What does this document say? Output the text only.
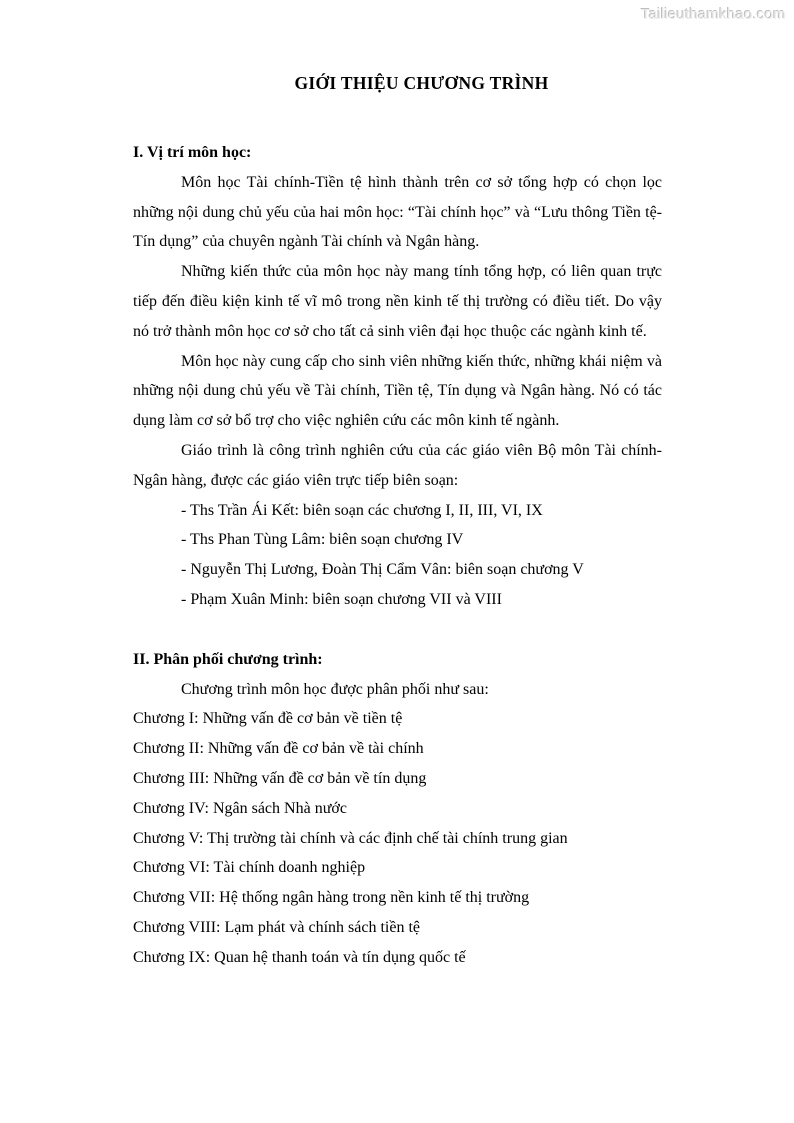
Tailieuthamkhao.com
GIỚI THIỆU CHƯƠNG TRÌNH
I. Vị trí môn học:
Môn học Tài chính-Tiền tệ hình thành trên cơ sở tổng hợp có chọn lọc những nội dung chủ yếu của hai môn học: “Tài chính học” và “Lưu thông Tiền tệ-Tín dụng” của chuyên ngành Tài chính và Ngân hàng.
Những kiến thức của môn học này mang tính tổng hợp, có liên quan trực tiếp đến điều kiện kinh tế vĩ mô trong nền kinh tế thị trường có điều tiết. Do vậy nó trở thành môn học cơ sở cho tất cả sinh viên đại học thuộc các ngành kinh tế.
Môn học này cung cấp cho sinh viên những kiến thức, những khái niệm và những nội dung chủ yếu về Tài chính, Tiền tệ, Tín dụng và Ngân hàng. Nó có tác dụng làm cơ sở bổ trợ cho việc nghiên cứu các môn kinh tế ngành.
Giáo trình là công trình nghiên cứu của các giáo viên Bộ môn Tài chính-Ngân hàng, được các giáo viên trực tiếp biên soạn:
- Ths Trần Ái Kết: biên soạn các chương I, II, III, VI, IX
- Ths Phan Tùng Lâm: biên soạn chương IV
- Nguyễn Thị Lương, Đoàn Thị Cẩm Vân: biên soạn chương V
- Phạm Xuân Minh: biên soạn chương VII và VIII
II. Phân phối chương trình:
Chương trình môn học được phân phối như sau:
Chương I: Những vấn đề cơ bản về tiền tệ
Chương II: Những vấn đề cơ bản về tài chính
Chương III: Những vấn đề cơ bản về tín dụng
Chương IV: Ngân sách Nhà nước
Chương V: Thị trường tài chính và các định chế tài chính trung gian
Chương VI: Tài chính doanh nghiệp
Chương VII: Hệ thống ngân hàng trong nền kinh tế thị trường
Chương VIII: Lạm phát và chính sách tiền tệ
Chương IX: Quan hệ thanh toán và tín dụng quốc tế
